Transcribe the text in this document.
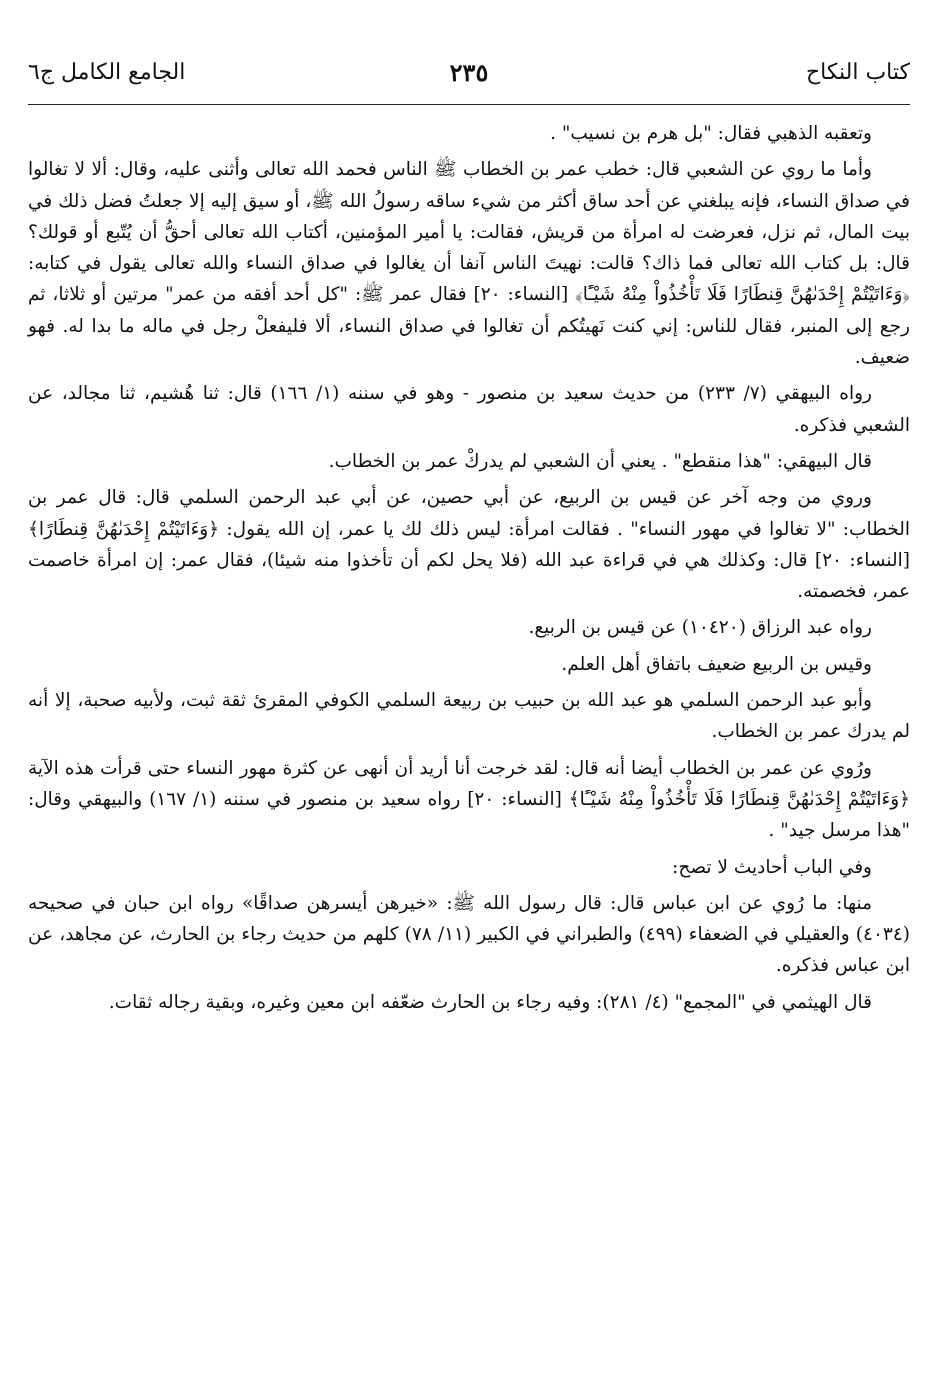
كتاب النكاح
٢٣٥
الجامع الكامل ج٦

وتعقبه الذهبي فقال: "بل هرم بن نسيب" .

وأما ما روي عن الشعبي قال: خطب عمر بن الخطاب ﷺ الناس فحمد الله تعالى وأثنى عليه، وقال: ألا لا تغالوا في صداق النساء، فإنه يبلغني عن أحد ساق أكثر من شيء ساقه رسولُ الله ﷺ، أو سيق إليه إلا جعلتُ فضل ذلك في بيت المال، ثم نزل، فعرضت له امرأة من قريش، فقالت: يا أمير المؤمنين، أكتاب الله تعالى أحقُّ أن يُتّبع أو قولك؟ قال: بل كتاب الله تعالى فما ذاك؟ قالت: نهيتَ الناس آنفا أن يغالوا في صداق النساء والله تعالى يقول في كتابه: ﴿وَءَاتَيْتُمْ إِحْدَىٰهُنَّ قِنطَارًا فَلَا تَأْخُذُواْ مِنْهُ شَيْـًٔا﴾ [النساء: ٢٠] فقال عمر ﷺ: "كل أحد أفقه من عمر" مرتين أو ثلاثا، ثم رجع إلى المنبر، فقال للناس: إني كنت نَهيتُكم أن تغالوا في صداق النساء، ألا فليفعلْ رجل في ماله ما بدا له. فهو ضعيف.

رواه البيهقي (٧/ ٢٣٣) من حديث سعيد بن منصور - وهو في سننه (١/ ١٦٦) قال: ثنا هُشيم، ثنا مجالد، عن الشعبي فذكره.

قال البيهقي: "هذا منقطع" . يعني أن الشعبي لم يدركْ عمر بن الخطاب.

وروي من وجه آخر عن قيس بن الربيع، عن أبي حصين، عن أبي عبد الرحمن السلمي قال: قال عمر بن الخطاب: "لا تغالوا في مهور النساء" . فقالت امرأة: ليس ذلك لك يا عمر، إن الله يقول: ﴿وَءَاتَيْتُمْ إِحْدَىٰهُنَّ قِنطَارًا﴾ [النساء: ٢٠] قال: وكذلك هي في قراءة عبد الله (فلا يحل لكم أن تأخذوا منه شيئا)، فقال عمر: إن امرأة خاصمت عمر، فخصمته.

رواه عبد الرزاق (١٠٤٢٠) عن قيس بن الربيع.

وقيس بن الربيع ضعيف باتفاق أهل العلم.

وأبو عبد الرحمن السلمي هو عبد الله بن حبيب بن ربيعة السلمي الكوفي المقرئ ثقة ثبت، ولأبيه صحبة، إلا أنه لم يدرك عمر بن الخطاب.

ورُوي عن عمر بن الخطاب أيضا أنه قال: لقد خرجت أنا أريد أن أنهى عن كثرة مهور النساء حتى قرأت هذه الآية ﴿وَءَاتَيْتُمْ إِحْدَىٰهُنَّ قِنطَارًا فَلَا تَأْخُذُواْ مِنْهُ شَيْـًٔا﴾ [النساء: ٢٠] رواه سعيد بن منصور في سننه (١/ ١٦٧) والبيهقي وقال: "هذا مرسل جيد" .

وفي الباب أحاديث لا تصح:

منها: ما رُوي عن ابن عباس قال: قال رسول الله ﷺ: «خيرهن أيسرهن صداقًا» رواه ابن حبان في صحيحه (٤٠٣٤) والعقيلي في الضعفاء (٤٩٩) والطبراني في الكبير (١١/ ٧٨) كلهم من حديث رجاء بن الحارث، عن مجاهد، عن ابن عباس فذكره.

قال الهيثمي في "المجمع" (٤/ ٢٨١): وفيه رجاء بن الحارث ضعّفه ابن معين وغيره، وبقية رجاله ثقات.
